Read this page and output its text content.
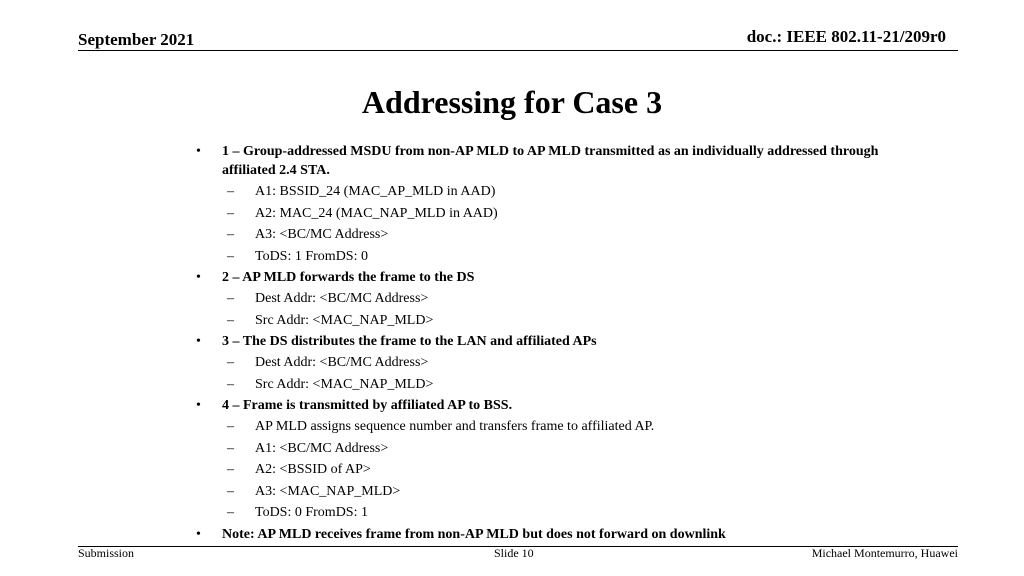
September 2021	doc.: IEEE 802.11-21/209r0
Addressing for Case 3
• 1 – Group-addressed MSDU from non-AP MLD to AP MLD transmitted as an individually addressed through affiliated 2.4 STA.
– A1: BSSID_24 (MAC_AP_MLD in AAD)
– A2: MAC_24 (MAC_NAP_MLD in AAD)
– A3: <BC/MC Address>
– ToDS: 1 FromDS: 0
• 2 – AP MLD forwards the frame to the DS
– Dest Addr: <BC/MC Address>
– Src Addr: <MAC_NAP_MLD>
• 3 – The DS distributes the frame to the LAN and affiliated APs
– Dest Addr: <BC/MC Address>
– Src Addr: <MAC_NAP_MLD>
• 4 – Frame is transmitted by affiliated AP to BSS.
– AP MLD assigns sequence number and transfers frame to affiliated AP.
– A1: <BC/MC Address>
– A2: <BSSID of AP>
– A3: <MAC_NAP_MLD>
– ToDS: 0 FromDS: 1
• Note: AP MLD receives frame from non-AP MLD but does not forward on downlink
Submission	Slide 10	Michael Montemurro, Huawei
